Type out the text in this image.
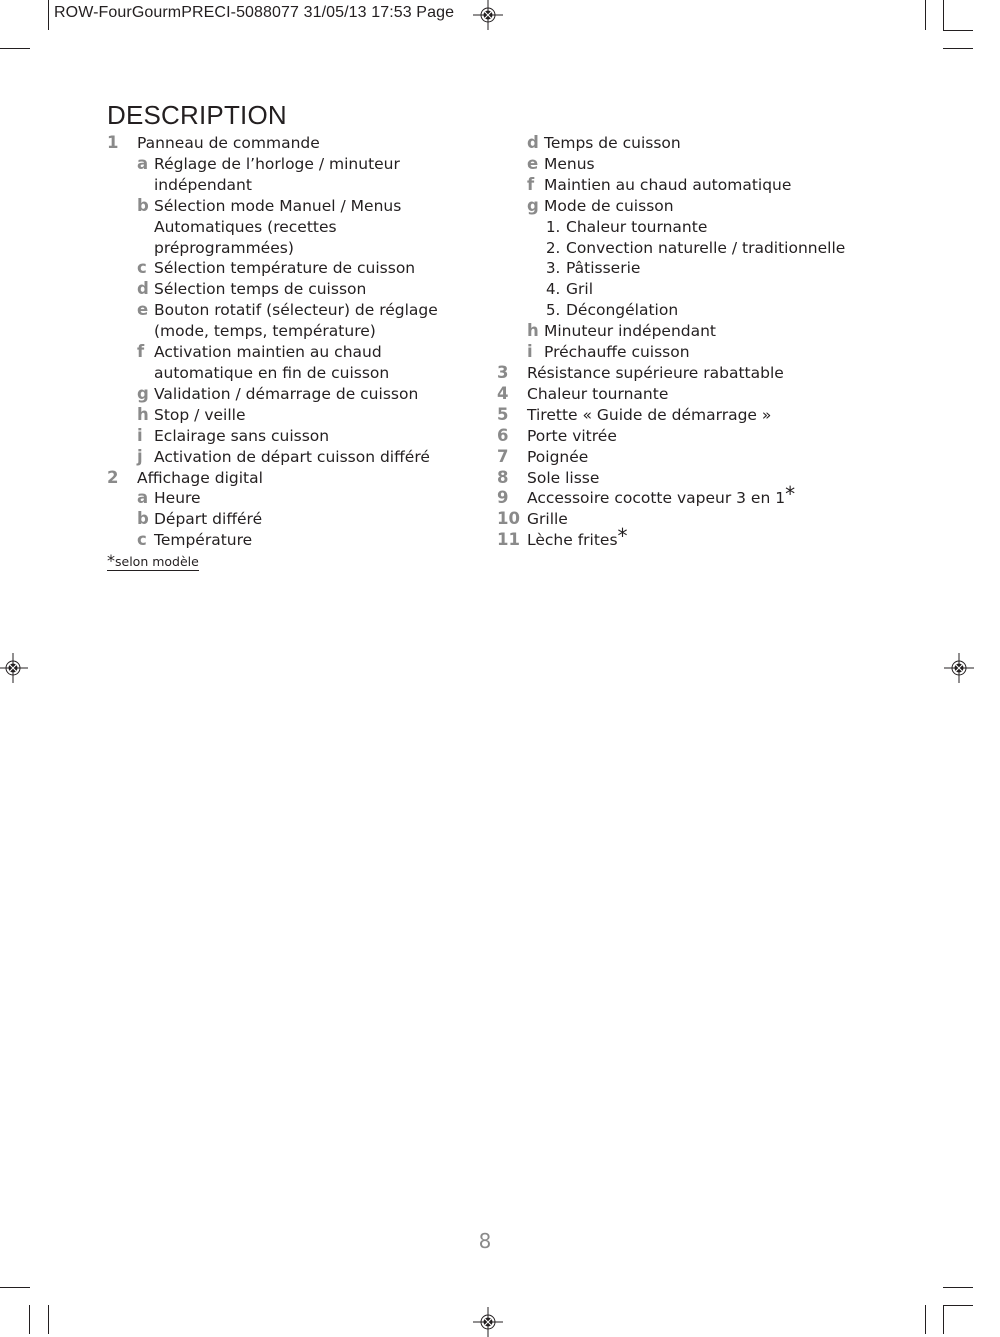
ROW-FourGourmPRECI-5088077 31/05/13 17:53 Page
DESCRIPTION
1 Panneau de commande
a Réglage de l’horloge / minuteur indépendant
b Sélection mode Manuel / Menus Automatiques (recettes préprogrammées)
c Sélection température de cuisson
d Sélection temps de cuisson
e Bouton rotatif (sélecteur) de réglage (mode, temps, température)
f Activation maintien au chaud automatique en fin de cuisson
g Validation / démarrage de cuisson
h Stop / veille
i Eclairage sans cuisson
j Activation de départ cuisson différé
2 Affichage digital
a Heure
b Départ différé
c Température
*selon modèle
d Temps de cuisson
e Menus
f Maintien au chaud automatique
g Mode de cuisson
1. Chaleur tournante
2. Convection naturelle / traditionnelle
3. Pâtisserie
4. Gril
5. Décongélation
h Minuteur indépendant
i Préchauffe cuisson
3 Résistance supérieure rabattable
4 Chaleur tournante
5 Tirette « Guide de démarrage »
6 Porte vitrée
7 Poignée
8 Sole lisse
9 Accessoire cocotte vapeur 3 en 1*
10 Grille
11 Lèche frites*
8
